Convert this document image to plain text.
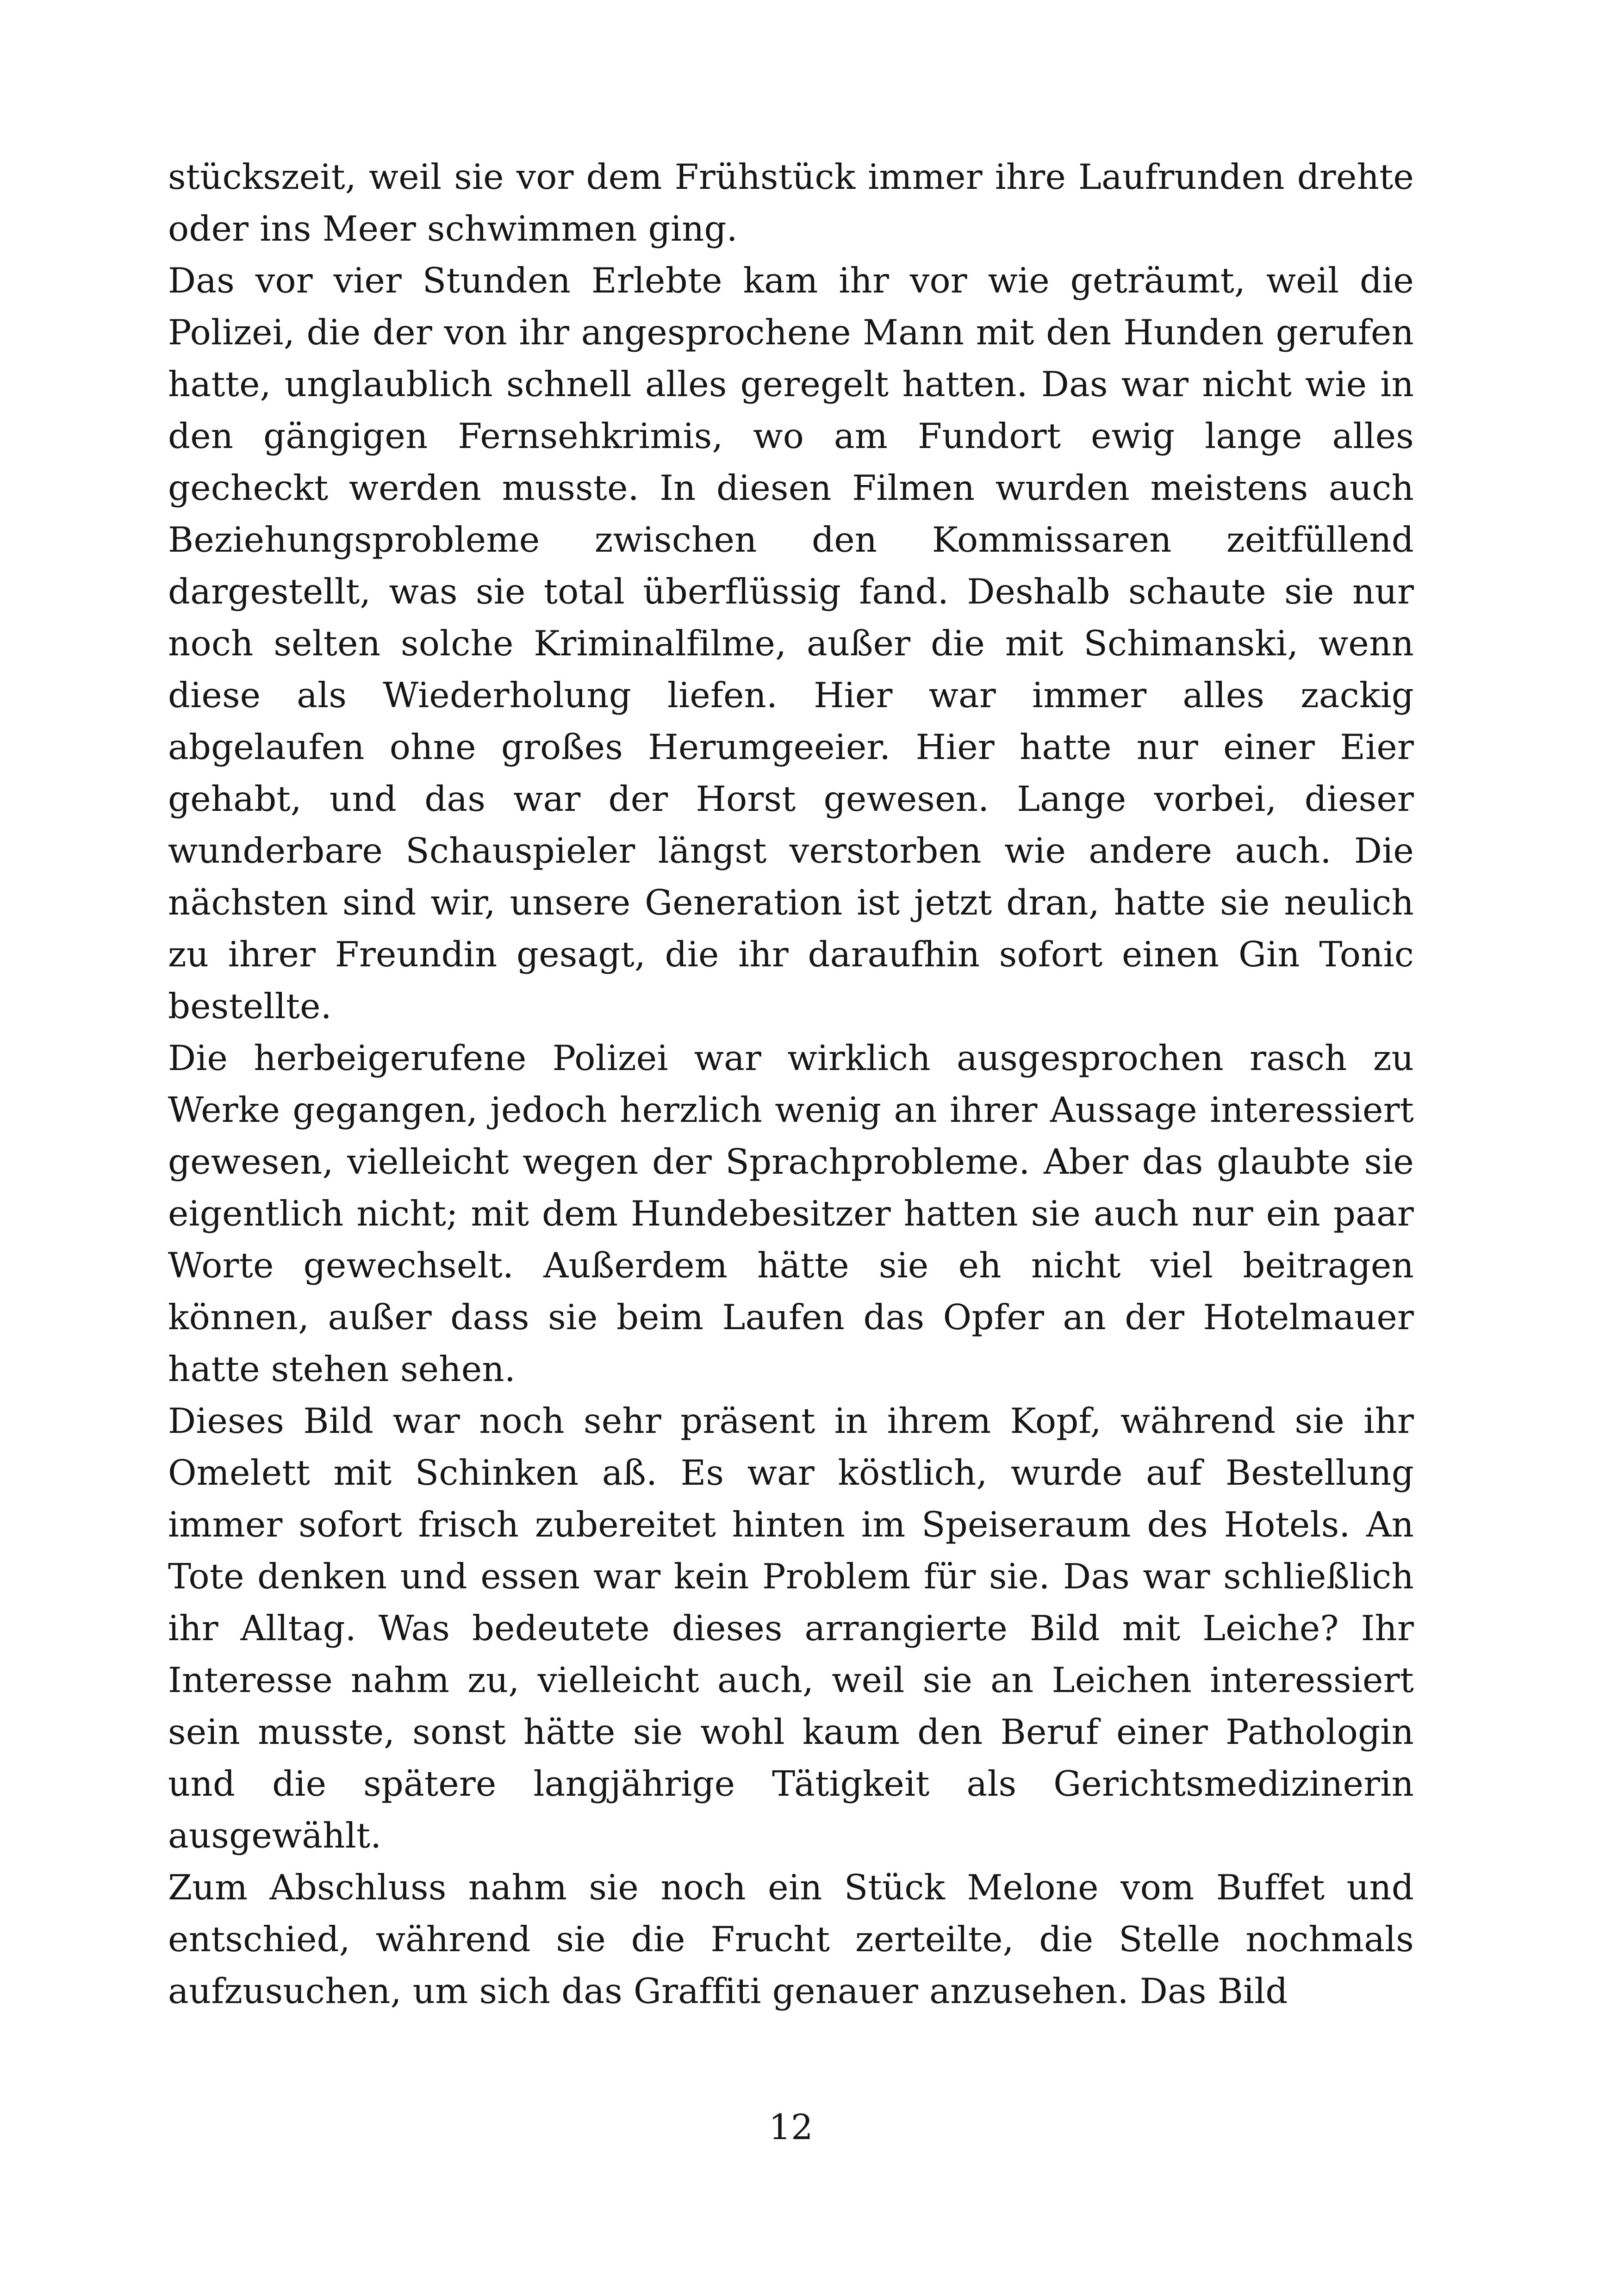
stückszeit, weil sie vor dem Frühstück immer ihre Laufrunden drehte oder ins Meer schwimmen ging.

Das vor vier Stunden Erlebte kam ihr vor wie geträumt, weil die Polizei, die der von ihr angesprochene Mann mit den Hunden gerufen hatte, unglaublich schnell alles geregelt hatten. Das war nicht wie in den gängigen Fernsehkrimis, wo am Fundort ewig lange alles gecheckt werden musste. In diesen Filmen wurden meistens auch Beziehungsprobleme zwischen den Kommissaren zeitfüllend dargestellt, was sie total überflüssig fand. Deshalb schaute sie nur noch selten solche Kriminalfilme, außer die mit Schimanski, wenn diese als Wiederholung liefen. Hier war immer alles zackig abgelaufen ohne großes Herumgeeier. Hier hatte nur einer Eier gehabt, und das war der Horst gewesen. Lange vorbei, dieser wunderbare Schauspieler längst verstorben wie andere auch. Die nächsten sind wir, unsere Generation ist jetzt dran, hatte sie neulich zu ihrer Freundin gesagt, die ihr daraufhin sofort einen Gin Tonic bestellte.

Die herbeigerufene Polizei war wirklich ausgesprochen rasch zu Werke gegangen, jedoch herzlich wenig an ihrer Aussage interessiert gewesen, vielleicht wegen der Sprachprobleme. Aber das glaubte sie eigentlich nicht; mit dem Hundebesitzer hatten sie auch nur ein paar Worte gewechselt. Außerdem hätte sie eh nicht viel beitragen können, außer dass sie beim Laufen das Opfer an der Hotelmauer hatte stehen sehen.

Dieses Bild war noch sehr präsent in ihrem Kopf, während sie ihr Omelett mit Schinken aß. Es war köstlich, wurde auf Bestellung immer sofort frisch zubereitet hinten im Speiseraum des Hotels. An Tote denken und essen war kein Problem für sie. Das war schließlich ihr Alltag. Was bedeutete dieses arrangierte Bild mit Leiche? Ihr Interesse nahm zu, vielleicht auch, weil sie an Leichen interessiert sein musste, sonst hätte sie wohl kaum den Beruf einer Pathologin und die spätere langjährige Tätigkeit als Gerichtsmedizinerin ausgewählt.

Zum Abschluss nahm sie noch ein Stück Melone vom Buffet und entschied, während sie die Frucht zerteilte, die Stelle nochmals aufzusuchen, um sich das Graffiti genauer anzusehen. Das Bild

12
